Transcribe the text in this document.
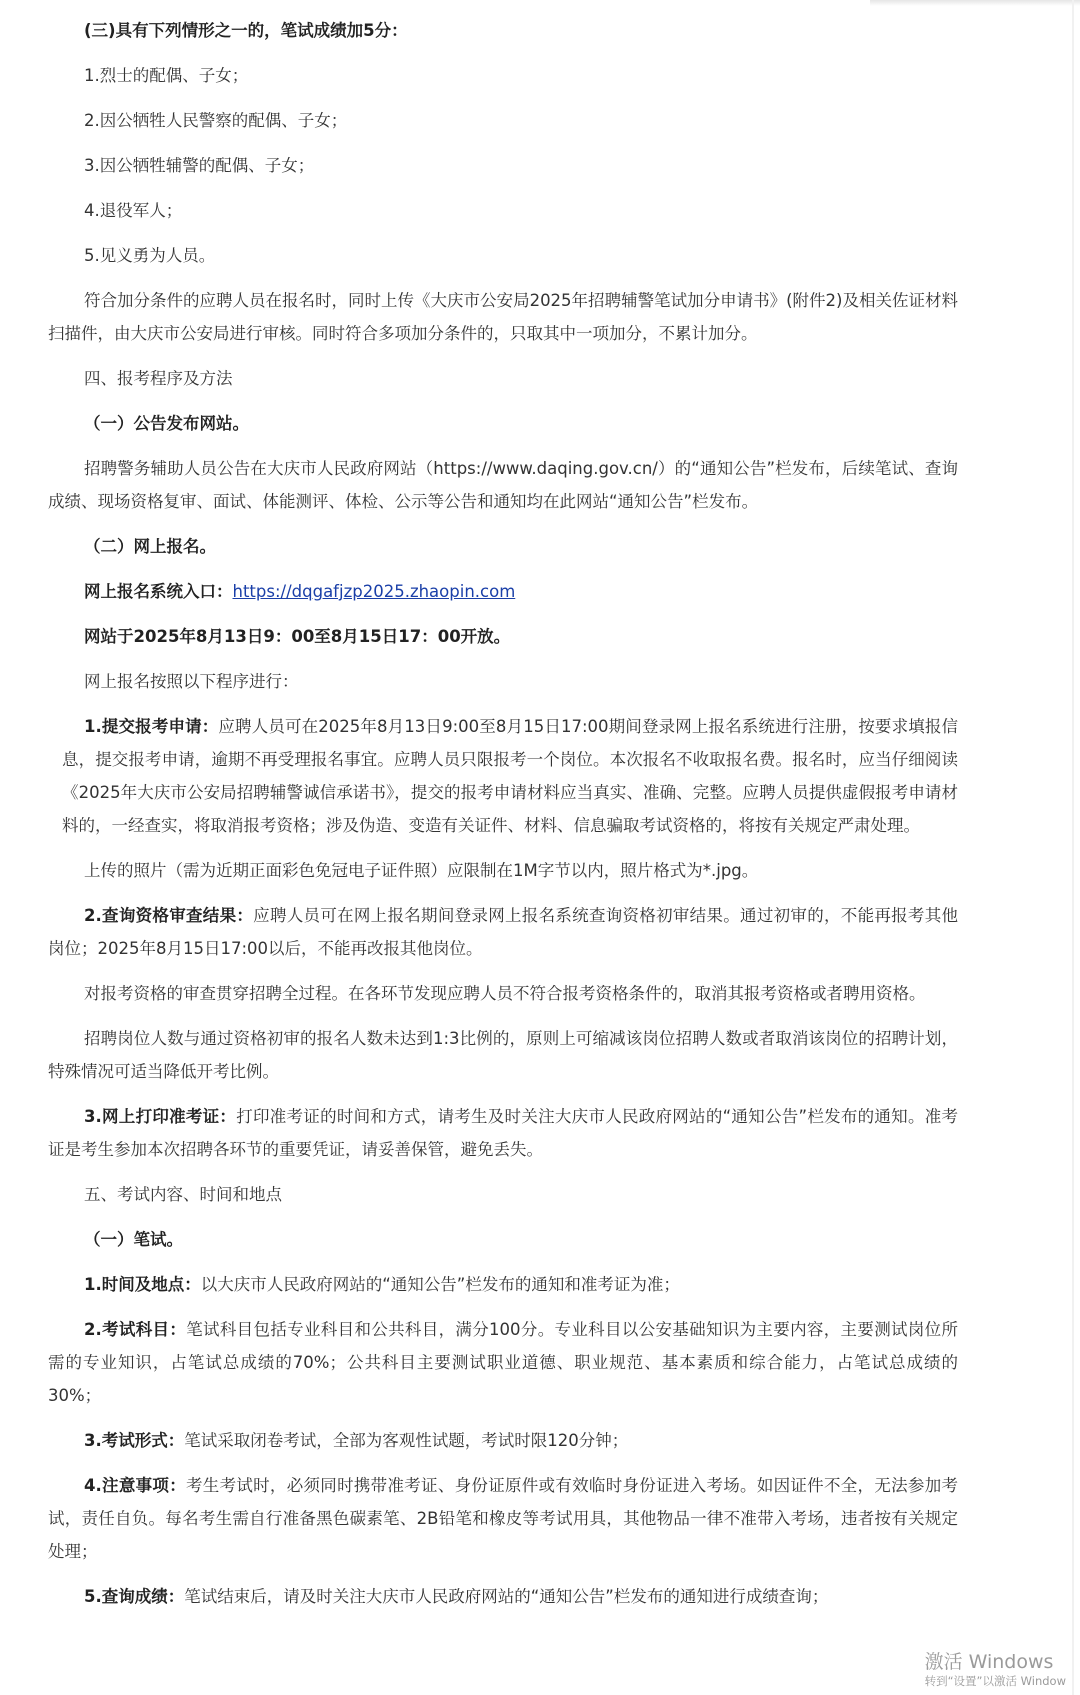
(三)具有下列情形之一的，笔试成绩加5分：

1.烈士的配偶、子女；

2.因公牺牲人民警察的配偶、子女；

3.因公牺牲辅警的配偶、子女；

4.退役军人；

5.见义勇为人员。

符合加分条件的应聘人员在报名时，同时上传《大庆市公安局2025年招聘辅警笔试加分申请书》(附件2)及相关佐证材料扫描件，由大庆市公安局进行审核。同时符合多项加分条件的，只取其中一项加分，不累计加分。

四、报考程序及方法

（一）公告发布网站。

招聘警务辅助人员公告在大庆市人民政府网站（https://www.daqing.gov.cn/）的“通知公告”栏发布，后续笔试、查询成绩、现场资格复审、面试、体能测评、体检、公示等公告和通知均在此网站“通知公告”栏发布。

（二）网上报名。

网上报名系统入口：https://dqgafjzp2025.zhaopin.com

网站于2025年8月13日9：00至8月15日17：00开放。

网上报名按照以下程序进行：

1.提交报考申请：应聘人员可在2025年8月13日9:00至8月15日17:00期间登录网上报名系统进行注册，按要求填报信息，提交报考申请，逾期不再受理报名事宜。应聘人员只限报考一个岗位。本次报名不收取报名费。报名时，应当仔细阅读《2025年大庆市公安局招聘辅警诚信承诺书》，提交的报考申请材料应当真实、准确、完整。应聘人员提供虚假报考申请材料的，一经查实，将取消报考资格；涉及伪造、变造有关证件、材料、信息骗取考试资格的，将按有关规定严肃处理。

上传的照片（需为近期正面彩色免冠电子证件照）应限制在1M字节以内，照片格式为*.jpg。

2.查询资格审查结果：应聘人员可在网上报名期间登录网上报名系统查询资格初审结果。通过初审的，不能再报考其他岗位；2025年8月15日17:00以后，不能再改报其他岗位。

对报考资格的审查贯穿招聘全过程。在各环节发现应聘人员不符合报考资格条件的，取消其报考资格或者聘用资格。

招聘岗位人数与通过资格初审的报名人数未达到1:3比例的，原则上可缩减该岗位招聘人数或者取消该岗位的招聘计划，特殊情况可适当降低开考比例。

3.网上打印准考证：打印准考证的时间和方式，请考生及时关注大庆市人民政府网站的“通知公告”栏发布的通知。准考证是考生参加本次招聘各环节的重要凭证，请妥善保管，避免丢失。

五、考试内容、时间和地点

（一）笔试。

1.时间及地点：以大庆市人民政府网站的“通知公告”栏发布的通知和准考证为准；

2.考试科目：笔试科目包括专业科目和公共科目，满分100分。专业科目以公安基础知识为主要内容，主要测试岗位所需的专业知识，占笔试总成绩的70%；公共科目主要测试职业道德、职业规范、基本素质和综合能力，占笔试总成绩的30%；

3.考试形式：笔试采取闭卷考试，全部为客观性试题，考试时限120分钟；

4.注意事项：考生考试时，必须同时携带准考证、身份证原件或有效临时身份证进入考场。如因证件不全，无法参加考试，责任自负。每名考生需自行准备黑色碳素笔、2B铅笔和橡皮等考试用具，其他物品一律不准带入考场，违者按有关规定处理；

5.查询成绩：笔试结束后，请及时关注大庆市人民政府网站的“通知公告”栏发布的通知进行成绩查询；

激活 Windows
转到“设置”以激活 Window
